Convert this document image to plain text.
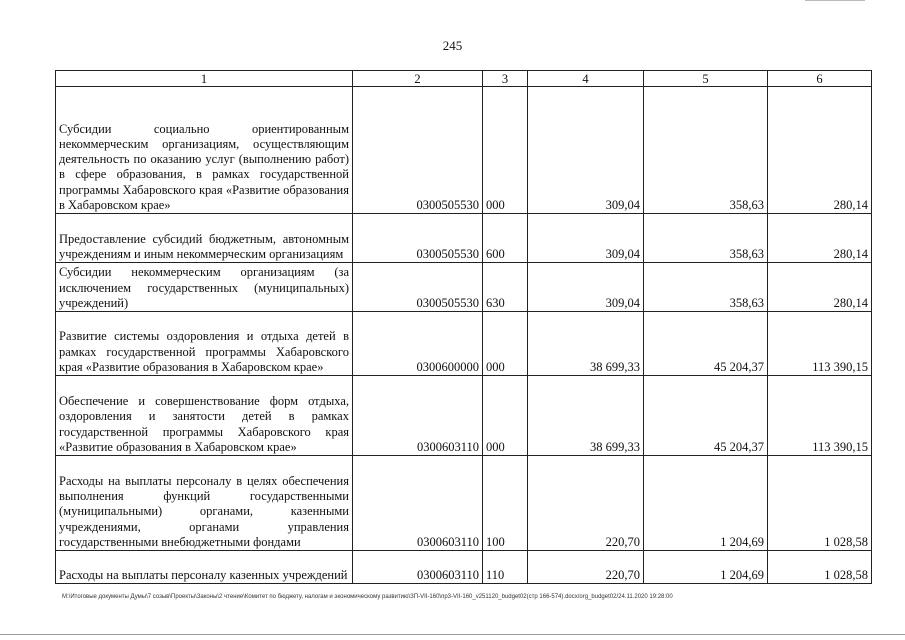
245
1	2	3	4	5	6
Субсидии социально ориентированным некоммерческим организациям, осуществляющим деятельность по оказанию услуг (выполнению работ) в сфере образования, в рамках государственной программы Хабаровского края «Развитие образования в Хабаровском крае»	0300505530	000	309,04	358,63	280,14
Предоставление субсидий бюджетным, автономным учреждениям и иным некоммерческим организациям	0300505530	600	309,04	358,63	280,14
Субсидии некоммерческим организациям (за исключением государственных (муниципальных) учреждений)	0300505530	630	309,04	358,63	280,14
Развитие системы оздоровления и отдыха детей в рамках государственной программы Хабаровского края «Развитие образования в Хабаровском крае»	0300600000	000	38 699,33	45 204,37	113 390,15
Обеспечение и совершенствование форм отдыха, оздоровления и занятости детей в рамках государственной программы Хабаровского края «Развитие образования в Хабаровском крае»	0300603110	000	38 699,33	45 204,37	113 390,15
Расходы на выплаты персоналу в целях обеспечения выполнения функций государственными (муниципальными) органами, казенными учреждениями, органами управления государственными внебюджетными фондами	0300603110	100	220,70	1 204,69	1 028,58
Расходы на выплаты персоналу казенных учреждений	0300603110	110	220,70	1 204,69	1 028,58
M:\Итоговые документы Думы\7 созыв\Проекты\Законы\2 чтение\Комитет по бюджету, налогам и экономическому развитию\ЗП-VII-160\пр3-VII-160_v251120_budget02(стр 166-574).docx/org_budget02/24.11.2020 19:28:00
